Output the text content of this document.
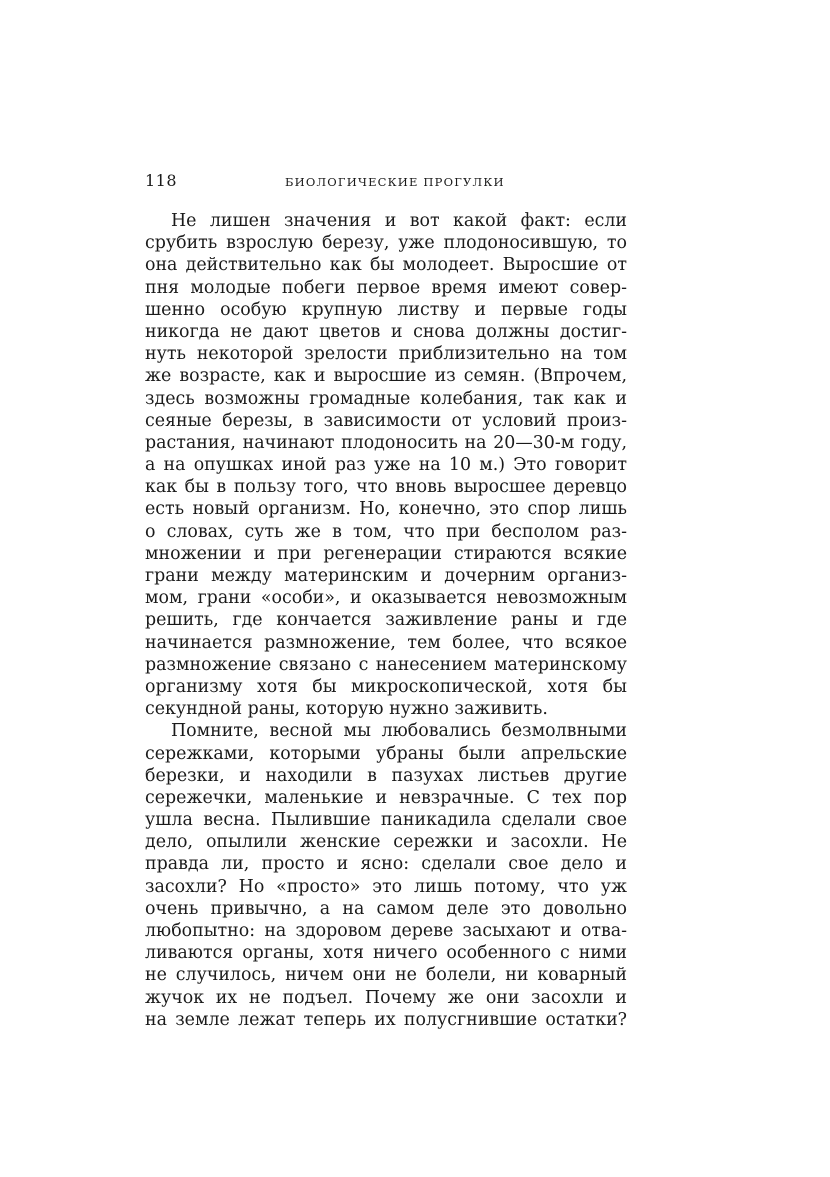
118	БИОЛОГИЧЕСКИЕ ПРОГУЛКИ
Не лишен значения и вот какой факт: если
срубить взрослую березу, уже плодоносившую, то
она действительно как бы молодеет. Выросшие от
пня молодые побеги первое время имеют совер-
шенно особую крупную листву и первые годы
никогда не дают цветов и снова должны достиг-
нуть некоторой зрелости приблизительно на том
же возрасте, как и выросшие из семян. (Впрочем,
здесь возможны громадные колебания, так как и
сеяные березы, в зависимости от условий произ-
растания, начинают плодоносить на 20—30-м году,
а на опушках иной раз уже на 10 м.) Это говорит
как бы в пользу того, что вновь выросшее деревцо
есть новый организм. Но, конечно, это спор лишь
о словах, суть же в том, что при бесполом раз-
множении и при регенерации стираются всякие
грани между материнским и дочерним организ-
мом, грани «особи», и оказывается невозможным
решить, где кончается заживление раны и где
начинается размножение, тем более, что всякое
размножение связано с нанесением материнскому
организму хотя бы микроскопической, хотя бы
секундной раны, которую нужно заживить.
Помните, весной мы любовались безмолвными
сережками, которыми убраны были апрельские
березки, и находили в пазухах листьев другие
сережечки, маленькие и невзрачные. С тех пор
ушла весна. Пылившие паникадила сделали свое
дело, опылили женские сережки и засохли. Не
правда ли, просто и ясно: сделали свое дело и
засохли? Но «просто» это лишь потому, что уж
очень привычно, а на самом деле это довольно
любопытно: на здоровом дереве засыхают и отва-
ливаются органы, хотя ничего особенного с ними
не случилось, ничем они не болели, ни коварный
жучок их не подъел. Почему же они засохли и
на земле лежат теперь их полусгнившие остатки?
